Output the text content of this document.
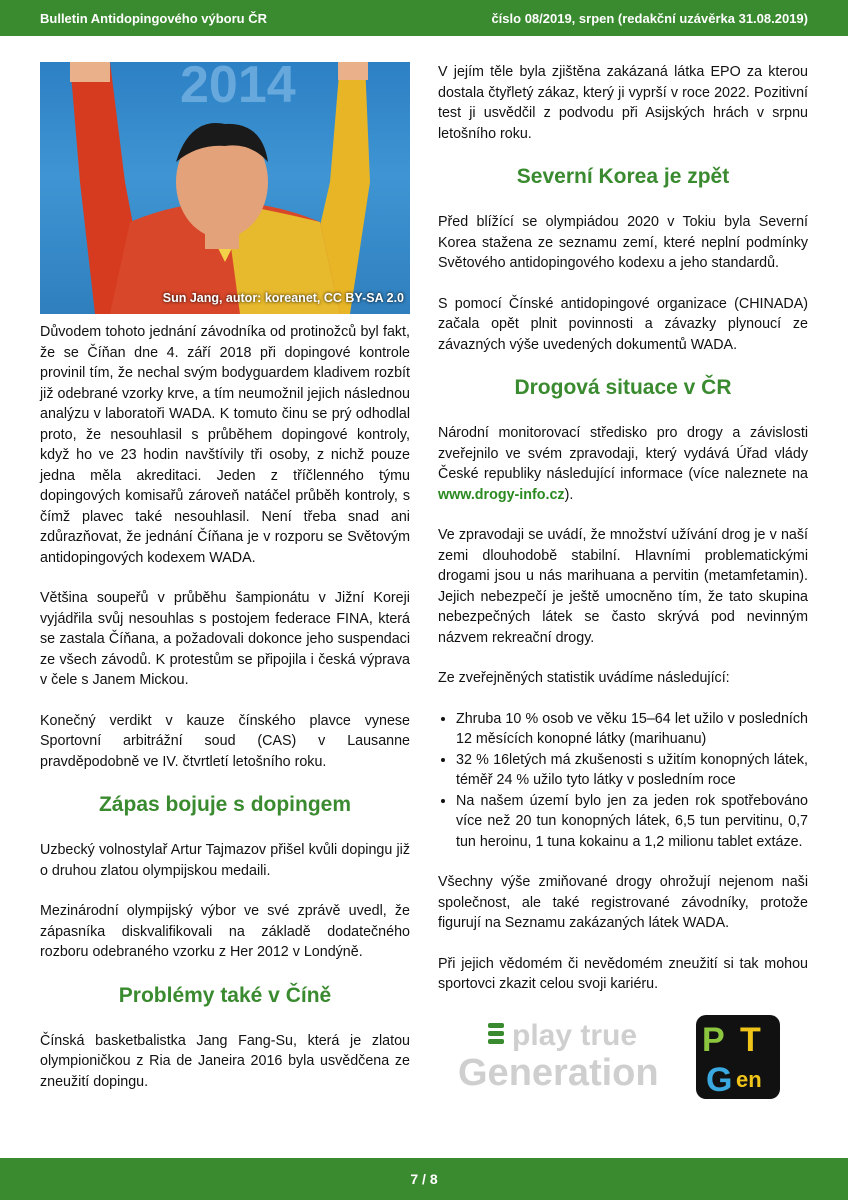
Bulletin Antidopingového výboru ČR	číslo 08/2019, srpen (redakční uzávěrka 31.08.2019)
2014
Sun Jang, autor: koreanet, CC BY-SA 2.0

Důvodem tohoto jednání závodníka od protinožců byl fakt, že se Číňan dne 4. září 2018 při dopingové kontrole provinil tím, že nechal svým bodyguardem kladivem rozbít již odebrané vzorky krve, a tím neumožnil jejich následnou analýzu v laboratoři WADA. K tomuto činu se prý odhodlal proto, že nesouhlasil s průběhem dopingové kontroly, když ho ve 23 hodin navštívily tři osoby, z nichž pouze jedna měla akreditaci. Jeden z tříčlenného týmu dopingových komisařů zároveň natáčel průběh kontroly, s čímž plavec také nesouhlasil. Není třeba snad ani zdůrazňovat, že jednání Číňana je v rozporu se Světovým antidopingových kodexem WADA.

Většina soupeřů v průběhu šampionátu v Jižní Koreji vyjádřila svůj nesouhlas s postojem federace FINA, která se zastala Číňana, a požadovali dokonce jeho suspendaci ze všech závodů. K protestům se připojila i česká výprava v čele s Janem Mickou.

Konečný verdikt v kauze čínského plavce vynese Sportovní arbitrážní soud (CAS) v Lausanne pravděpodobně ve IV. čtvrtletí letošního roku.

Zápas bojuje s dopingem

Uzbecký volnostylař Artur Tajmazov přišel kvůli dopingu již o druhou zlatou olympijskou medaili.

Mezinárodní olympijský výbor ve své zprávě uvedl, že zápasníka diskvalifikovali na základě dodatečného rozboru odebraného vzorku z Her 2012 v Londýně.

Problémy také v Číně

Čínská basketbalistka Jang Fang-Su, která je zlatou olympioničkou z Ria de Janeira 2016 byla usvědčena ze zneužití dopingu.

V jejím těle byla zjištěna zakázaná látka EPO za kterou dostala čtyřletý zákaz, který ji vyprší v roce 2022. Pozitivní test ji usvědčil z podvodu při Asijských hrách v srpnu letošního roku.

Severní Korea je zpět

Před blížící se olympiádou 2020 v Tokiu byla Severní Korea stažena ze seznamu zemí, které neplní podmínky Světového antidopingového kodexu a jeho standardů.

S pomocí Čínské antidopingové organizace (CHINADA) začala opět plnit povinnosti a závazky plynoucí ze závazných výše uvedených dokumentů WADA.

Drogová situace v ČR

Národní monitorovací středisko pro drogy a závislosti zveřejnilo ve svém zpravodaji, který vydává Úřad vlády České republiky následující informace (více naleznete na www.drogy-info.cz).

Ve zpravodaji se uvádí, že množství užívání drog je v naší zemi dlouhodobě stabilní. Hlavními problematickými drogami jsou u nás marihuana a pervitin (metamfetamin). Jejich nebezpečí je ještě umocněno tím, že tato skupina nebezpečných látek se často skrývá pod nevinným názvem rekreační drogy.

Ze zveřejněných statistik uvádíme následující:

• Zhruba 10 % osob ve věku 15–64 let užilo v posledních 12 měsících konopné látky (marihuanu)
• 32 % 16letých má zkušenosti s užitím konopných látek, téměř 24 % užilo tyto látky v posledním roce
• Na našem území bylo jen za jeden rok spotřebováno více než 20 tun konopných látek, 6,5 tun pervitinu, 0,7 tun heroinu, 1 tuna kokainu a 1,2 milionu tablet extáze.

Všechny výše zmiňované drogy ohrožují nejenom naši společnost, ale také registrované závodníky, protože figurují na Seznamu zakázaných látek WADA.

Při jejich vědomém či nevědomém zneužití si tak mohou sportovci zkazit celou svoji kariéru.

play true
Generation
P T
G en
7 / 8
